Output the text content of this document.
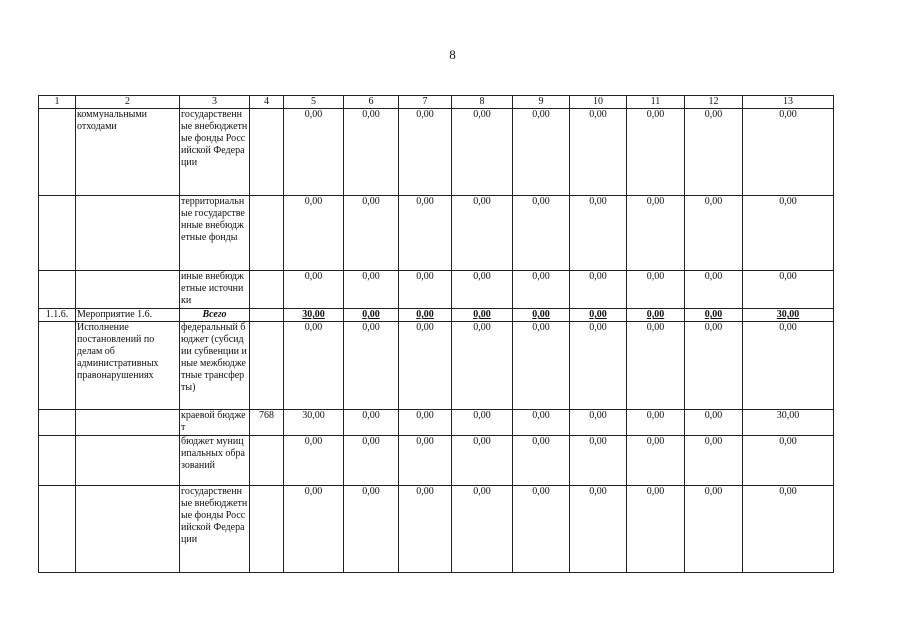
8
1	2	3	4	5	6	7	8	9	10	11	12	13
	коммунальными отходами	государственные внебюджетные фонды Российской Федерации		0,00	0,00	0,00	0,00	0,00	0,00	0,00	0,00	0,00
		территориальные государственные внебюджетные фонды		0,00	0,00	0,00	0,00	0,00	0,00	0,00	0,00	0,00
		иные внебюджетные источники		0,00	0,00	0,00	0,00	0,00	0,00	0,00	0,00	0,00
1.1.6.	Мероприятие 1.6.	Всего		30,00	0,00	0,00	0,00	0,00	0,00	0,00	0,00	30,00
	Исполнение постановлений по делам об административных правонарушениях	федеральный бюджет (субсидии субвенции иные межбюджетные трансферты)		0,00	0,00	0,00	0,00	0,00	0,00	0,00	0,00	0,00
		краевой бюджет	768	30,00	0,00	0,00	0,00	0,00	0,00	0,00	0,00	30,00
		бюджет муниципальных образований		0,00	0,00	0,00	0,00	0,00	0,00	0,00	0,00	0,00
		государственные внебюджетные фонды Российской Федерации		0,00	0,00	0,00	0,00	0,00	0,00	0,00	0,00	0,00
